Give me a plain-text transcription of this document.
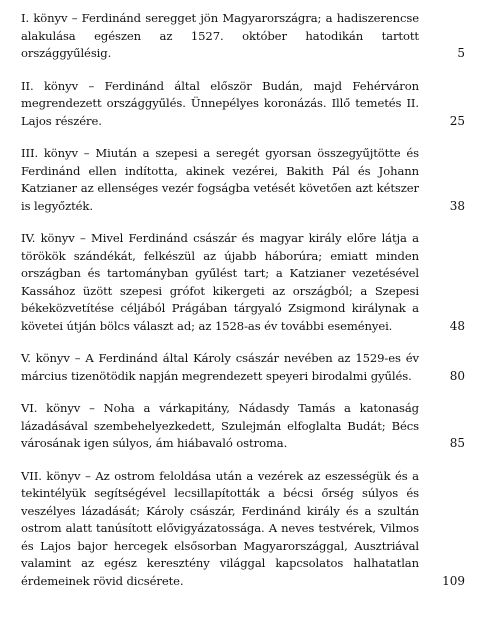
I. könyv – Ferdinánd seregget jön Magyarországra; a hadiszerencse alakulása egészen az 1527. október hatodikán tartott országgyűlésig.	5
II. könyv – Ferdinánd által először Budán, majd Fehérváron megrendezett országgyűlés. Ünnepélyes koronázás. Illő temetés II. Lajos részére.	25
III. könyv – Miután a szepesi a seregét gyorsan összegyűjtötte és Ferdinánd ellen indította, akinek vezérei, Bakith Pál és Johann Katzianer az ellenséges vezér fogságba vetését követően azt kétszer is legyőzték.	38
IV. könyv – Mivel Ferdinánd császár és magyar király előre látja a törökök szándékát, felkészül az újabb háborúra; emiatt minden országban és tartományban gyűlést tart; a Katzianer vezetésével Kassához üzött szepesi grófot kikergeti az országból; a Szepesi békeközvetítése céljából Prágában tárgyaló Zsigmond királynak a követei útján bölcs választ ad; az 1528-as év további eseményei.	48
V. könyv – A Ferdinánd által Károly császár nevében az 1529-es év március tizenötödik napján megrendezett speyeri birodalmi gyűlés.	80
VI. könyv – Noha a várkapitány, Nádasdy Tamás a katonaság lázadásával szembehelyezkedett, Szulejmán elfoglalta Budát; Bécs városának igen súlyos, ám hiábavaló ostroma.	85
VII. könyv – Az ostrom feloldása után a vezérek az eszességük és a tekintélyük segítségével lecsillapították a bécsi őrség súlyos és veszélyes lázadását; Károly császár, Ferdinánd király és a szultán ostrom alatt tanúsított elővigyázatossága. A neves testvérek, Vilmos és Lajos bajor hercegek elsősorban Magyarországgal, Ausztriával valamint az egész keresztény világgal kapcsolatos halhatatlan érdemeinek rövid dicsérete.	109
